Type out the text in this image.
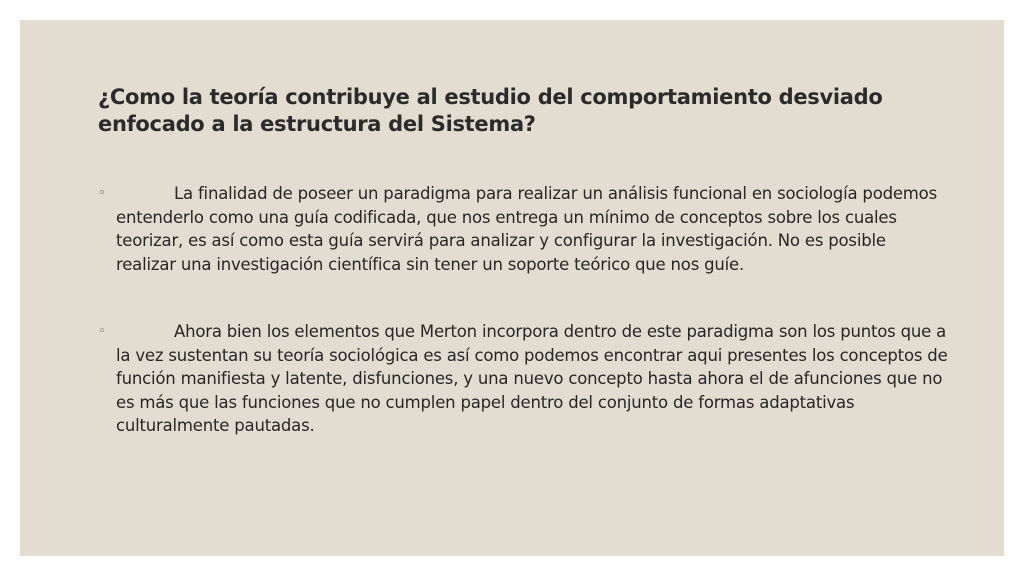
¿Como la teoría contribuye al estudio del comportamiento desviado enfocado a la estructura del Sistema?
◦	La finalidad de poseer un paradigma para realizar un análisis funcional en sociología podemos entenderlo como una guía codificada, que nos entrega un mínimo de conceptos sobre los cuales teorizar, es así como esta guía servirá para analizar y configurar la investigación. No es posible realizar una investigación científica sin tener un soporte teórico que nos guíe.
◦	Ahora bien los elementos que Merton incorpora dentro de este paradigma son los puntos que a la vez sustentan su teoría sociológica es así como podemos encontrar aqui presentes los conceptos de función manifiesta y latente, disfunciones, y una nuevo concepto hasta ahora el de afunciones que no es más que las funciones que no cumplen papel dentro del conjunto de formas adaptativas culturalmente pautadas.
